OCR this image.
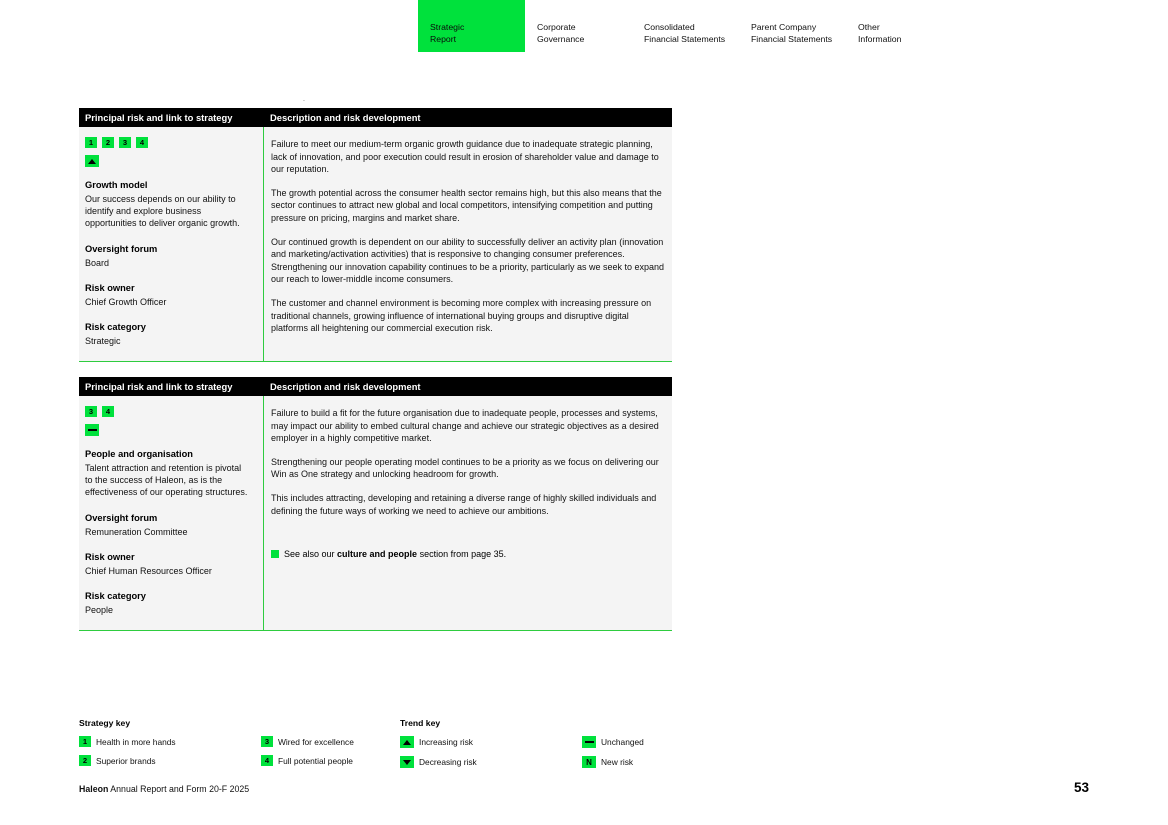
Strategic
Report
Corporate
Governance
Consolidated
Financial Statements
Parent Company
Financial Statements
Other
Information
.
Principal risk and link to strategy	Description and risk development
1	2	3	4
Growth model
Our success depends on our ability to identify and explore business opportunities to deliver organic growth.
Oversight forum
Board
Risk owner
Chief Growth Officer
Risk category
Strategic

Failure to meet our medium-term organic growth guidance due to inadequate strategic planning, lack of innovation, and poor execution could result in erosion of shareholder value and damage to our reputation.

The growth potential across the consumer health sector remains high, but this also means that the sector continues to attract new global and local competitors, intensifying competition and putting pressure on pricing, margins and market share.

Our continued growth is dependent on our ability to successfully deliver an activity plan (innovation and marketing/activation activities) that is responsive to changing consumer preferences. Strengthening our innovation capability continues to be a priority, particularly as we seek to expand our reach to lower-middle income consumers.

The customer and channel environment is becoming more complex with increasing pressure on traditional channels, growing influence of international buying groups and disruptive digital platforms all heightening our commercial execution risk.

Principal risk and link to strategy	Description and risk development
3	4
People and organisation
Talent attraction and retention is pivotal to the success of Haleon, as is the effectiveness of our operating structures.
Oversight forum
Remuneration Committee
Risk owner
Chief Human Resources Officer
Risk category
People

Failure to build a fit for the future organisation due to inadequate people, processes and systems, may impact our ability to embed cultural change and achieve our strategic objectives as a desired employer in a highly competitive market.

Strengthening our people operating model continues to be a priority as we focus on delivering our Win as One strategy and unlocking headroom for growth.

This includes attracting, developing and retaining a diverse range of highly skilled individuals and defining the future ways of working we need to achieve our ambitions.

See also our culture and people section from page 35.
Strategy key
1	Health in more hands	3	Wired for excellence
2	Superior brands	4	Full potential people
Trend key
Increasing risk	Unchanged
Decreasing risk	N	New risk
Haleon Annual Report and Form 20-F 2025	53
